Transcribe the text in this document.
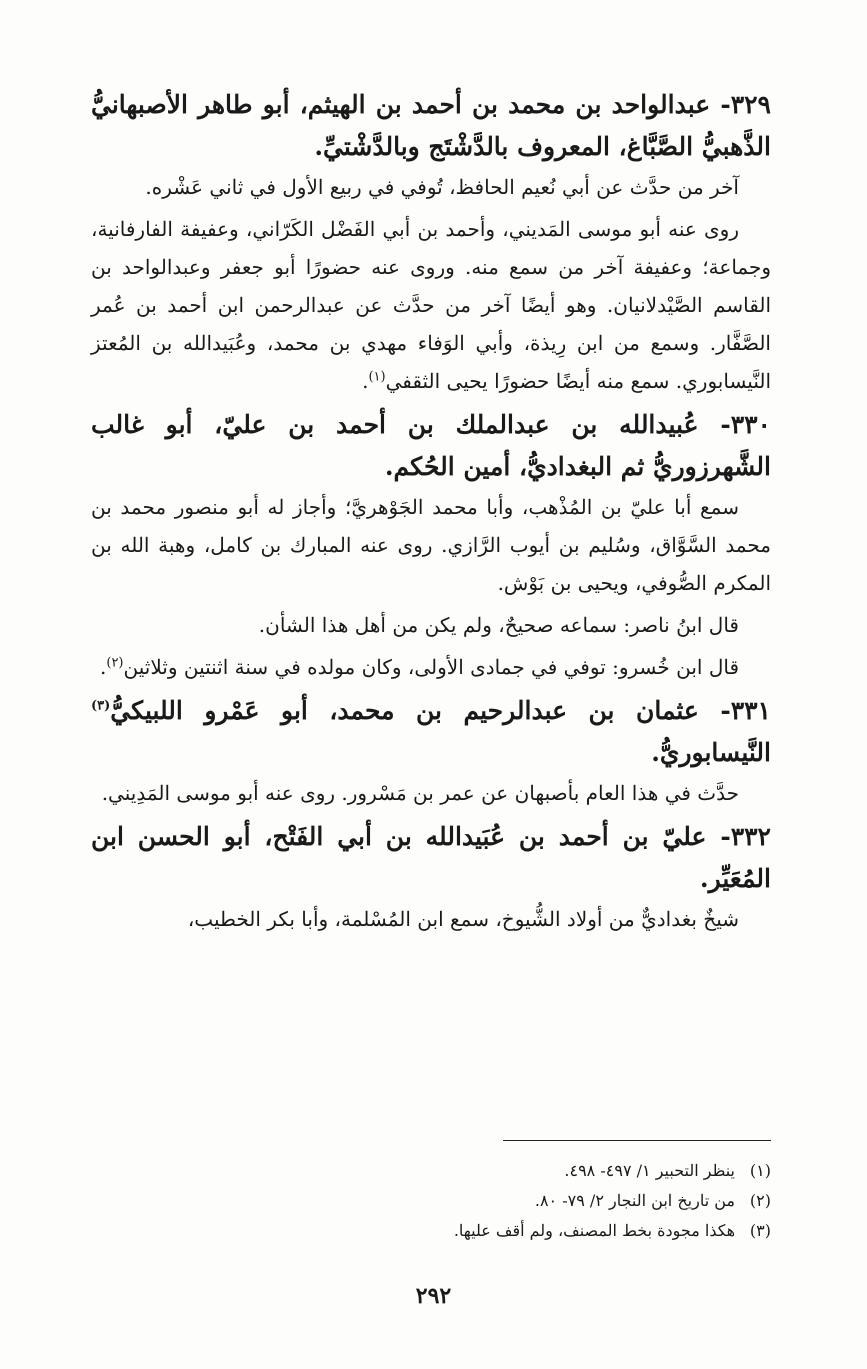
٣٢٩- عبدالواحد بن محمد بن أحمد بن الهيثم، أبو طاهر الأصبهانيُّ الذَّهبيُّ الصَّبَّاغ، المعروف بالدَّشْتَج وبالدَّشْتيِّ.

آخر من حدَّث عن أبي نُعيم الحافظ، تُوفي في ربيع الأول في ثاني عَشْره.

روى عنه أبو موسى المَديني، وأحمد بن أبي الفَضْل الكَرّاني، وعفيفة الفارفانية، وجماعة؛ وعفيفة آخر من سمع منه. وروى عنه حضورًا أبو جعفر وعبدالواحد بن القاسم الصَّيْدلانيان. وهو أيضًا آخر من حدَّث عن عبدالرحمن ابن أحمد بن عُمر الصَّفَّار. وسمع من ابن رِيذة، وأبي الوَفاء مهدي بن محمد، وعُبَيدالله بن المُعتز النَّيسابوري. سمع منه أيضًا حضورًا يحيى الثقفي$^{(١)}$.

٣٣٠- عُبيدالله بن عبدالملك بن أحمد بن عليّ، أبو غالب الشَّهرزوريُّ ثم البغداديُّ، أمين الحُكم.

سمع أبا عليّ بن المُذْهب، وأبا محمد الجَوْهريَّ؛ وأجاز له أبو منصور محمد بن محمد السَّوَّاق، وسُليم بن أيوب الرَّازي. روى عنه المبارك بن كامل، وهبة الله بن المكرم الصُّوفي، ويحيى بن بَوْش.

قال ابنُ ناصر: سماعه صحيحٌ، ولم يكن من أهل هذا الشأن.

قال ابن خُسرو: توفي في جمادى الأولى، وكان مولده في سنة اثنتين وثلاثين$^{(٢)}$.

٣٣١- عثمان بن عبدالرحيم بن محمد، أبو عَمْرو اللبيكيُّ$^{(٣)}$ النَّيسابوريُّ.

حدَّث في هذا العام بأصبهان عن عمر بن مَسْرور. روى عنه أبو موسى المَدِيني.

٣٣٢- عليّ بن أحمد بن عُبَيدالله بن أبي الفَتْح، أبو الحسن ابن المُعَيِّر.

شيخٌ بغداديٌّ من أولاد الشُّيوخ، سمع ابن المُسْلمة، وأبا بكر الخطيب،

(١)ينظر التحبير ١/ ٤٩٧- ٤٩٨.

(٢)من تاريخ ابن النجار ٢/ ٧٩- ٨٠.

(٣)هكذا مجودة بخط المصنف، ولم أقف عليها.

٢٩٢
